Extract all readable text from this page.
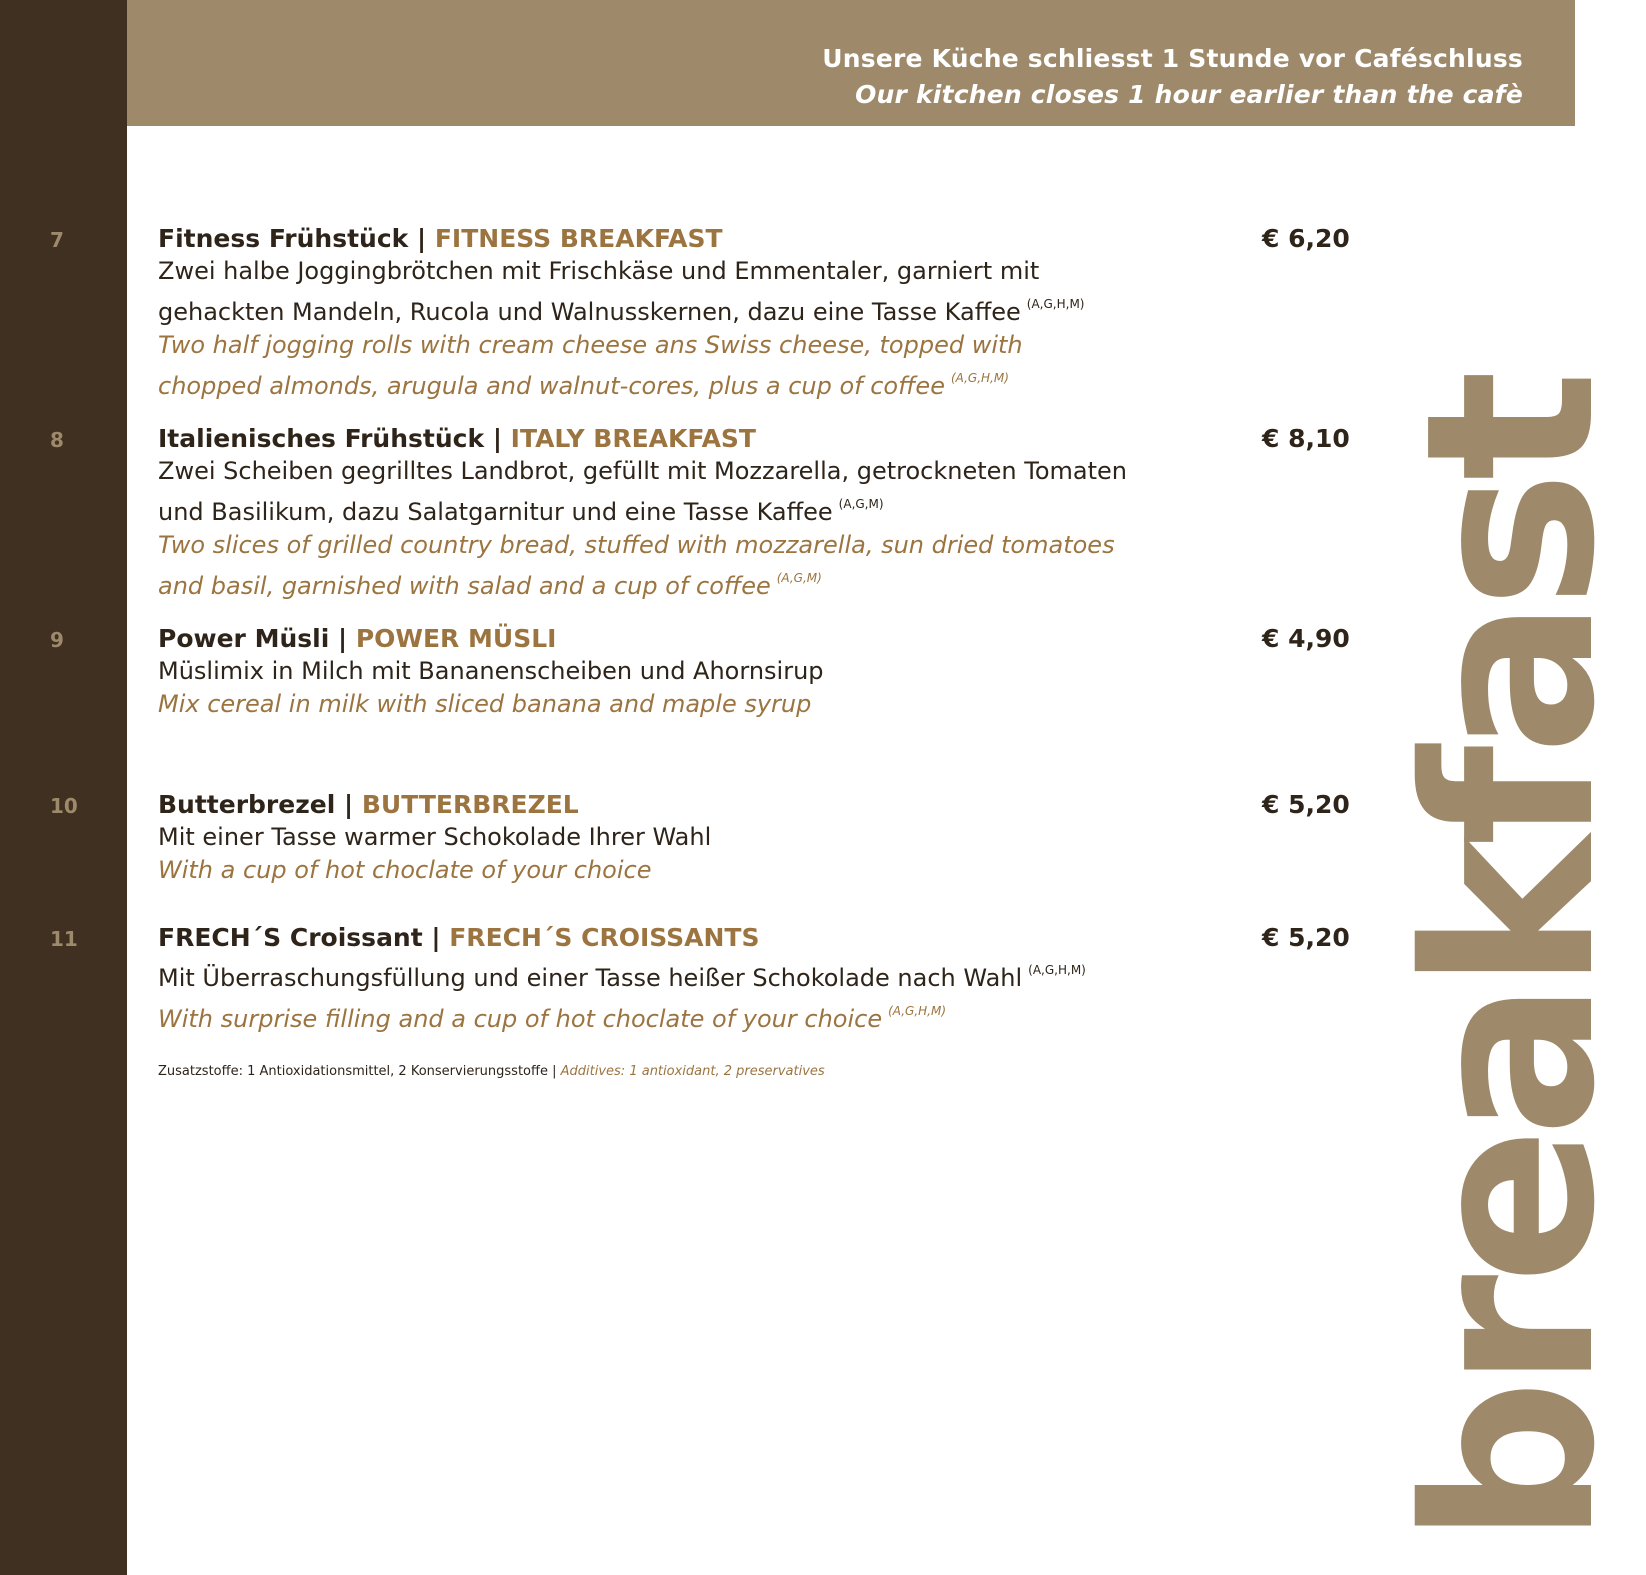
Unsere Küche schliesst 1 Stunde vor Caféschluss
Our kitchen closes 1 hour earlier than the cafè
7	Fitness Frühstück | FITNESS BREAKFAST
Zwei halbe Joggingbrötchen mit Frischkäse und Emmentaler, garniert mit
gehackten Mandeln, Rucola und Walnusskernen, dazu eine Tasse Kaffee $^{(A,G,H,M)}$
Two half jogging rolls with cream cheese ans Swiss cheese, topped with
chopped almonds, arugula and walnut-cores, plus a cup of coffee $^{(A,G,H,M)}$
€ 6,20
8	Italienisches Frühstück | ITALY BREAKFAST
Zwei Scheiben gegrilltes Landbrot, gefüllt mit Mozzarella, getrockneten Tomaten
und Basilikum, dazu Salatgarnitur und eine Tasse Kaffee $^{(A,G,M)}$
Two slices of grilled country bread, stuffed with mozzarella, sun dried tomatoes
and basil, garnished with salad and a cup of coffee $^{(A,G,M)}$
€ 8,10
9	Power Müsli | POWER MÜSLI
Müslimix in Milch mit Bananenscheiben und Ahornsirup
Mix cereal in milk with sliced banana and maple syrup
€ 4,90
10	Butterbrezel | BUTTERBREZEL
Mit einer Tasse warmer Schokolade Ihrer Wahl
With a cup of hot choclate of your choice
€ 5,20
11	FRECH´S Croissant | FRECH´S CROISSANTS
Mit Überraschungsfüllung und einer Tasse heißer Schokolade nach Wahl $^{(A,G,H,M)}$
With surprise filling and a cup of hot choclate of your choice $^{(A,G,H,M)}$
€ 5,20
Zusatzstoffe: 1 Antioxidationsmittel, 2 Konservierungsstoffe | Additives: 1 antioxidant, 2 preservatives breakfast
